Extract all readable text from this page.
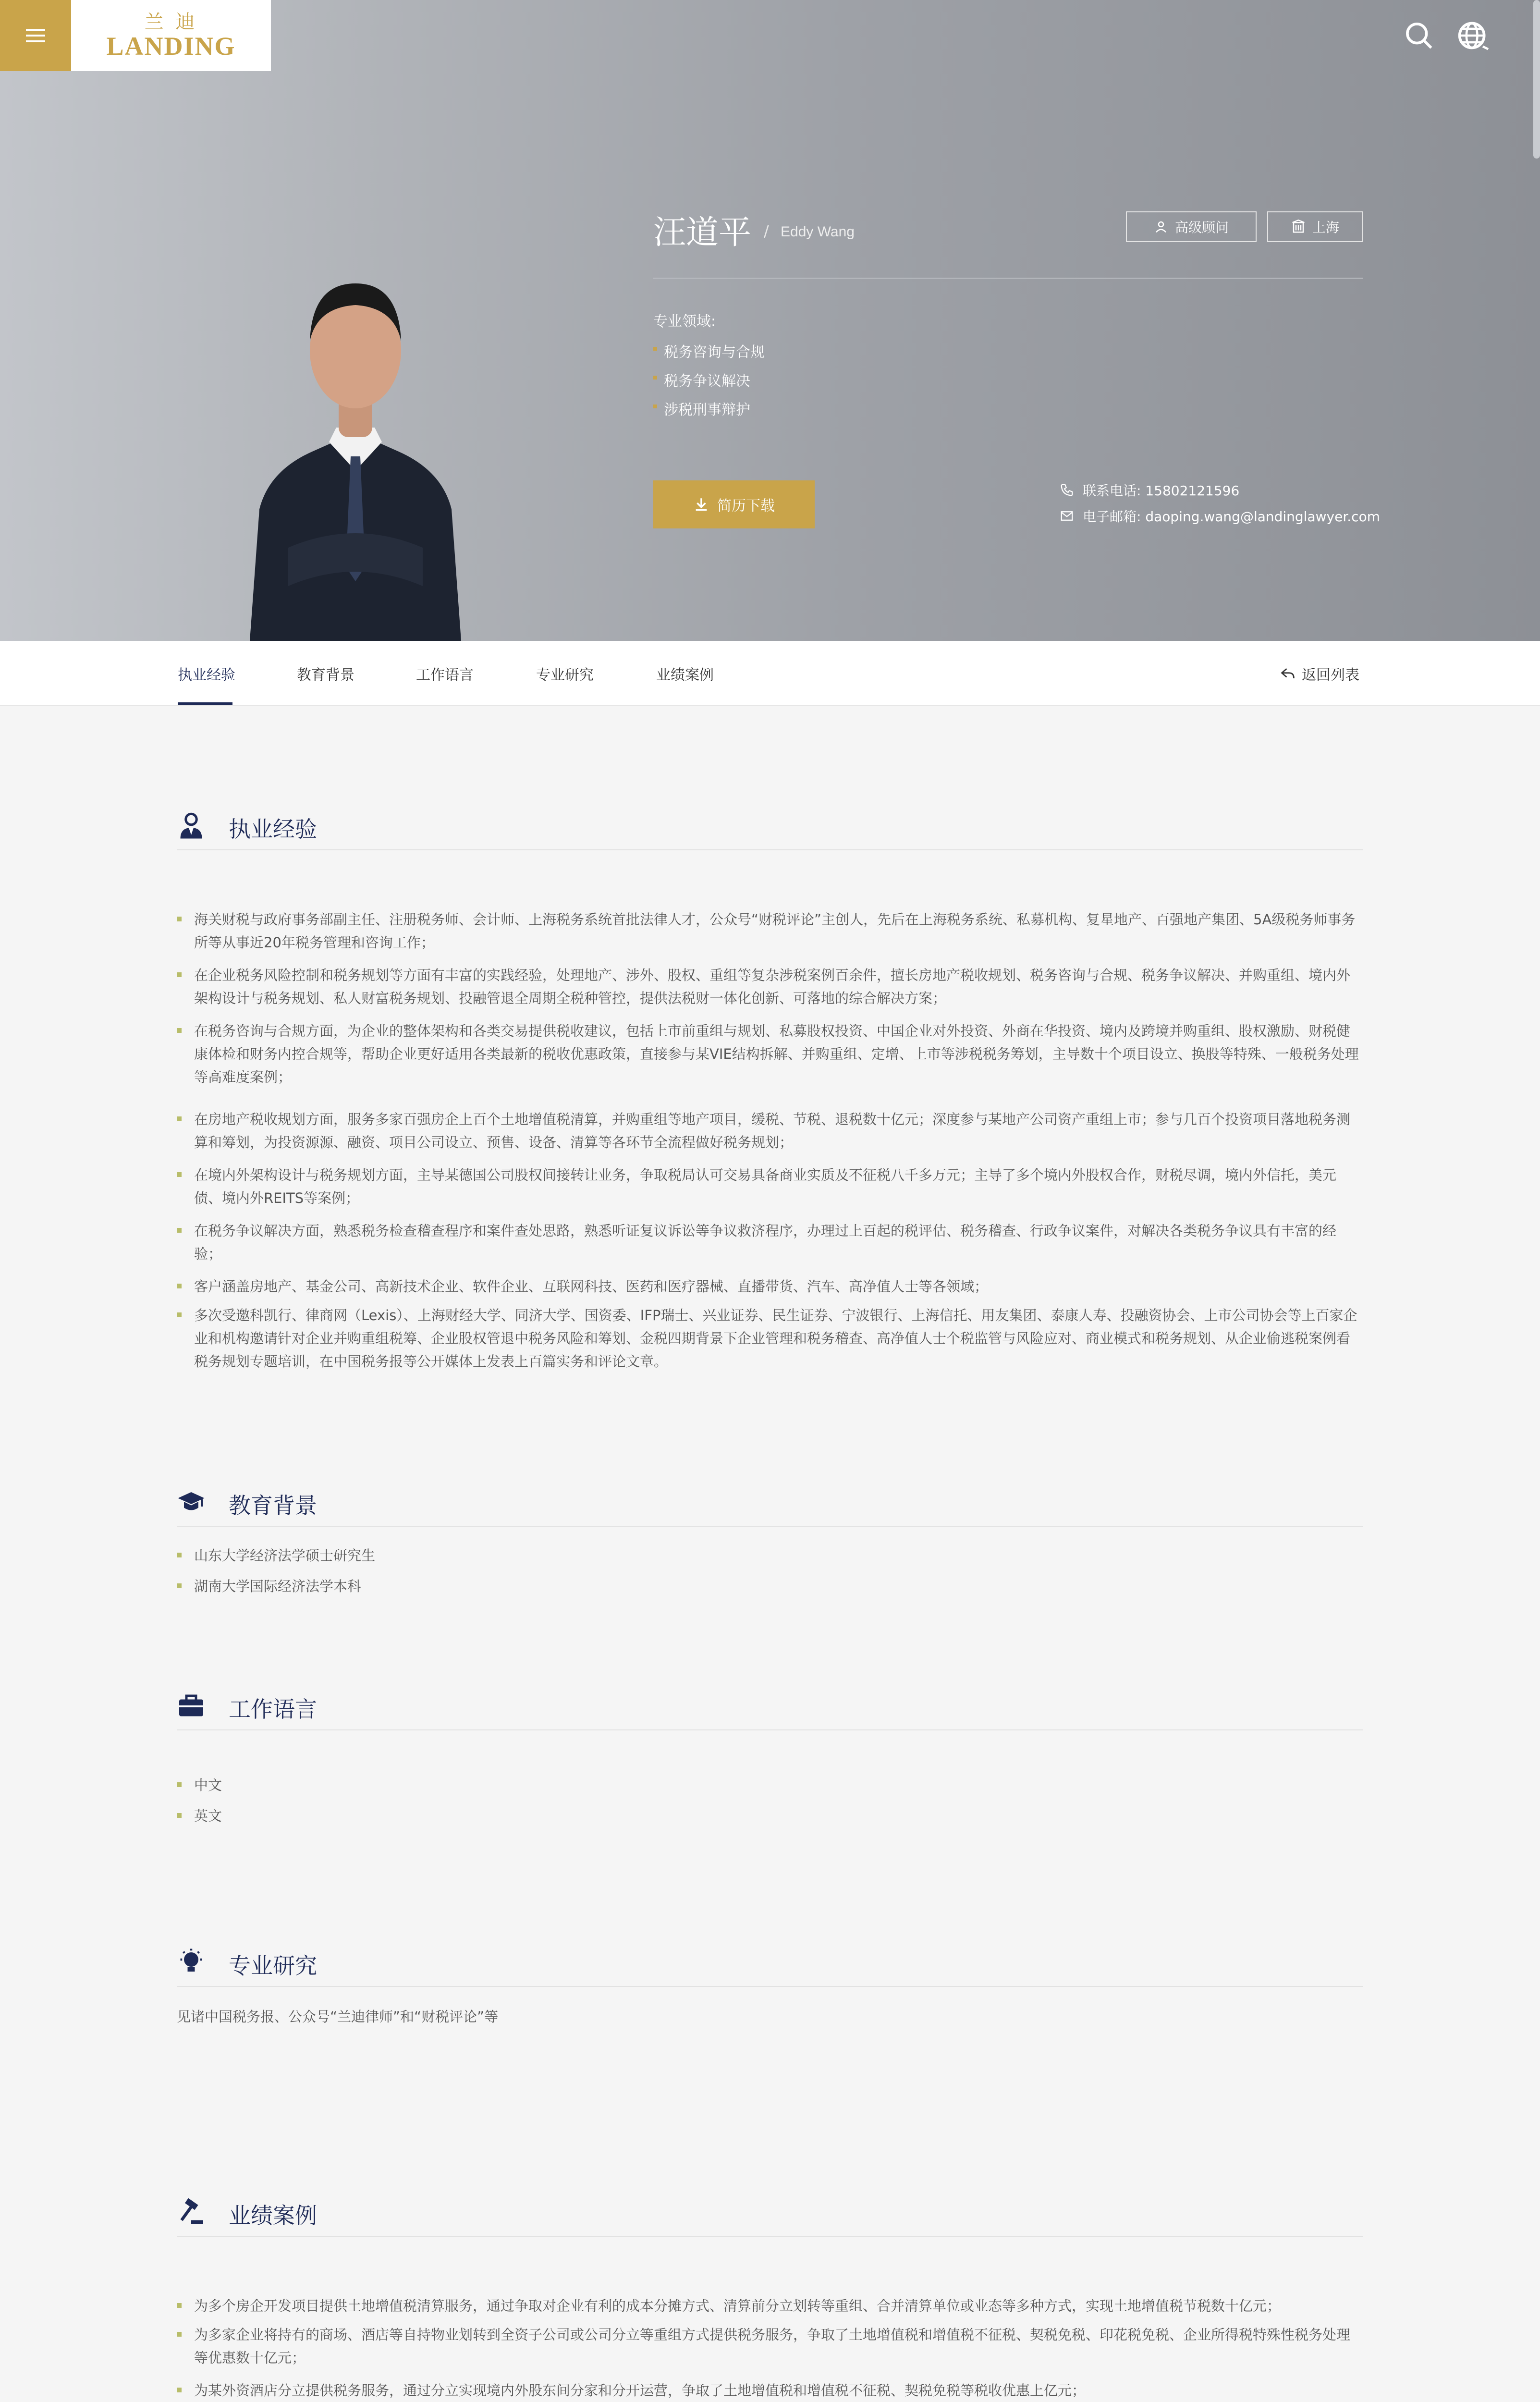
汪道平 / Eddy Wang	高级顾问	上海
专业领域:
税务咨询与合规
税务争议解决
涉税刑事辩护
简历下载
联系电话: 15802121596
电子邮箱: daoping.wang@landinglawyer.com
兰 迪
LANDING
执业经验	教育背景	工作语言	专业研究	业绩案例	返回列表
执业经验
海关财税与政府事务部副主任、注册税务师、会计师、上海税务系统首批法律人才，公众号“财税评论”主创人，先后在上海税务系统、私募机构、复星地产、百强地产集团、5A级税务师事务所等从事近20年税务管理和咨询工作；
在企业税务风险控制和税务规划等方面有丰富的实践经验，处理地产、涉外、股权、重组等复杂涉税案例百余件，擅长房地产税收规划、税务咨询与合规、税务争议解决、并购重组、境内外架构设计与税务规划、私人财富税务规划、投融管退全周期全税种管控，提供法税财一体化创新、可落地的综合解决方案；
在税务咨询与合规方面，为企业的整体架构和各类交易提供税收建议，包括上市前重组与规划、私募股权投资、中国企业对外投资、外商在华投资、境内及跨境并购重组、股权激励、财税健康体检和财务内控合规等，帮助企业更好适用各类最新的税收优惠政策，直接参与某VIE结构拆解、并购重组、定增、上市等涉税税务筹划，主导数十个项目设立、换股等特殊、一般税务处理等高难度案例；
在房地产税收规划方面，服务多家百强房企上百个土地增值税清算，并购重组等地产项目，缓税、节税、退税数十亿元；深度参与某地产公司资产重组上市；参与几百个投资项目落地税务测算和筹划，为投资源源、融资、项目公司设立、预售、设备、清算等各环节全流程做好税务规划；
在境内外架构设计与税务规划方面，主导某德国公司股权间接转让业务，争取税局认可交易具备商业实质及不征税八千多万元；主导了多个境内外股权合作，财税尽调，境内外信托，美元债、境内外REITS等案例；
在税务争议解决方面，熟悉税务检查稽查程序和案件查处思路，熟悉听证复议诉讼等争议救济程序，办理过上百起的税评估、税务稽查、行政争议案件，对解决各类税务争议具有丰富的经验；
客户涵盖房地产、基金公司、高新技术企业、软件企业、互联网科技、医药和医疗器械、直播带货、汽车、高净值人士等各领域；
多次受邀科凯行、律商网（Lexis）、上海财经大学、同济大学、国资委、IFP瑞士、兴业证券、民生证券、宁波银行、上海信托、用友集团、泰康人寿、投融资协会、上市公司协会等上百家企业和机构邀请针对企业并购重组税筹、企业股权管退中税务风险和筹划、金税四期背景下企业管理和税务稽查、高净值人士个税监管与风险应对、商业模式和税务规划、从企业偷逃税案例看税务规划专题培训，在中国税务报等公开媒体上发表上百篇实务和评论文章。
教育背景
山东大学经济法学硕士研究生
湖南大学国际经济法学本科
工作语言
中文
英文
专业研究
见诸中国税务报、公众号“兰迪律师”和“财税评论”等
业绩案例
为多个房企开发项目提供土地增值税清算服务，通过争取对企业有利的成本分摊方式、清算前分立划转等重组、合并清算单位或业态等多种方式，实现土地增值税节税数十亿元；
为多家企业将持有的商场、酒店等自持物业划转到全资子公司或公司分立等重组方式提供税务服务，争取了土地增值税和增值税不征税、契税免税、印花税免税、企业所得税特殊性税务处理等优惠数十亿元；
为某外资酒店分立提供税务服务，通过分立实现境内外股东间分家和分开运营，争取了土地增值税和增值税不征税、契税免税等税收优惠上亿元；
